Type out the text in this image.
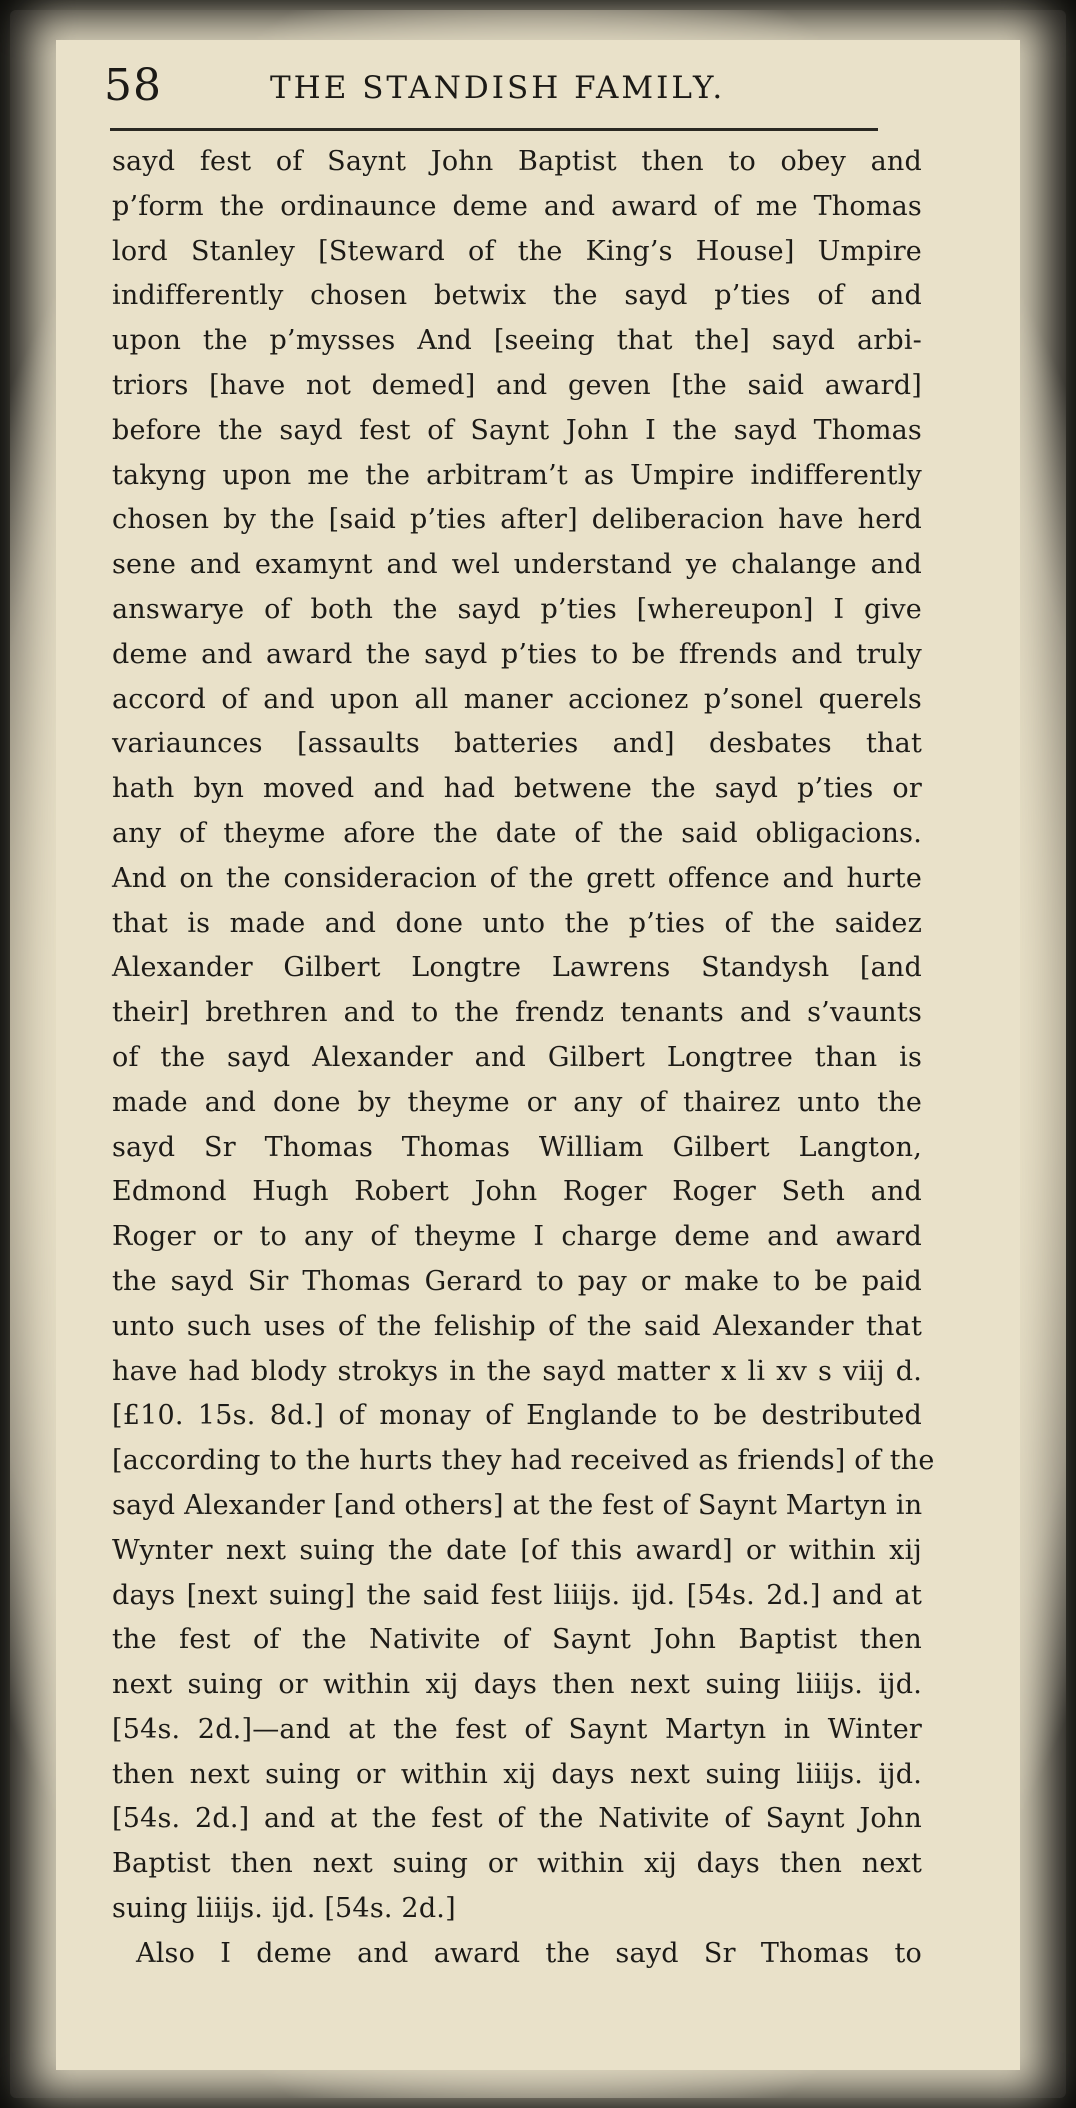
58	THE STANDISH FAMILY.
sayd fest of Saynt John Baptist then to obey and
p’form the ordinaunce deme and award of me Thomas
lord Stanley [Steward of the King’s House] Umpire
indifferently chosen betwix the sayd p’ties of and
upon the p’mysses And [seeing that the] sayd arbi-
triors [have not demed] and geven [the said award]
before the sayd fest of Saynt John I the sayd Thomas
takyng upon me the arbitram’t as Umpire indifferently
chosen by the [said p’ties after] deliberacion have herd
sene and examynt and wel understand ye chalange and
answarye of both the sayd p’ties [whereupon] I give
deme and award the sayd p’ties to be ffrends and truly
accord of and upon all maner accionez p’sonel querels
variaunces [assaults batteries and] desbates that
hath byn moved and had betwene the sayd p’ties or
any of theyme afore the date of the said obligacions.
And on the consideracion of the grett offence and hurte
that is made and done unto the p’ties of the saidez
Alexander Gilbert Longtre Lawrens Standysh [and
their] brethren and to the frendz tenants and s’vaunts
of the sayd Alexander and Gilbert Longtree than is
made and done by theyme or any of thairez unto the
sayd Sr Thomas Thomas William Gilbert Langton,
Edmond Hugh Robert John Roger Roger Seth and
Roger or to any of theyme I charge deme and award
the sayd Sir Thomas Gerard to pay or make to be paid
unto such uses of the feliship of the said Alexander that
have had blody strokys in the sayd matter x li xv s viij d.
[£10. 15s. 8d.] of monay of Englande to be destributed
[according to the hurts they had received as friends] of the
sayd Alexander [and others] at the fest of Saynt Martyn in
Wynter next suing the date [of this award] or within xij
days [next suing] the said fest liiijs. ijd. [54s. 2d.] and at
the fest of the Nativite of Saynt John Baptist then
next suing or within xij days then next suing liiijs. ijd.
[54s. 2d.]—and at the fest of Saynt Martyn in Winter
then next suing or within xij days next suing liiijs. ijd.
[54s. 2d.] and at the fest of the Nativite of Saynt John
Baptist then next suing or within xij days then next
suing liiijs. ijd. [54s. 2d.]
Also I deme and award the sayd Sr Thomas to
